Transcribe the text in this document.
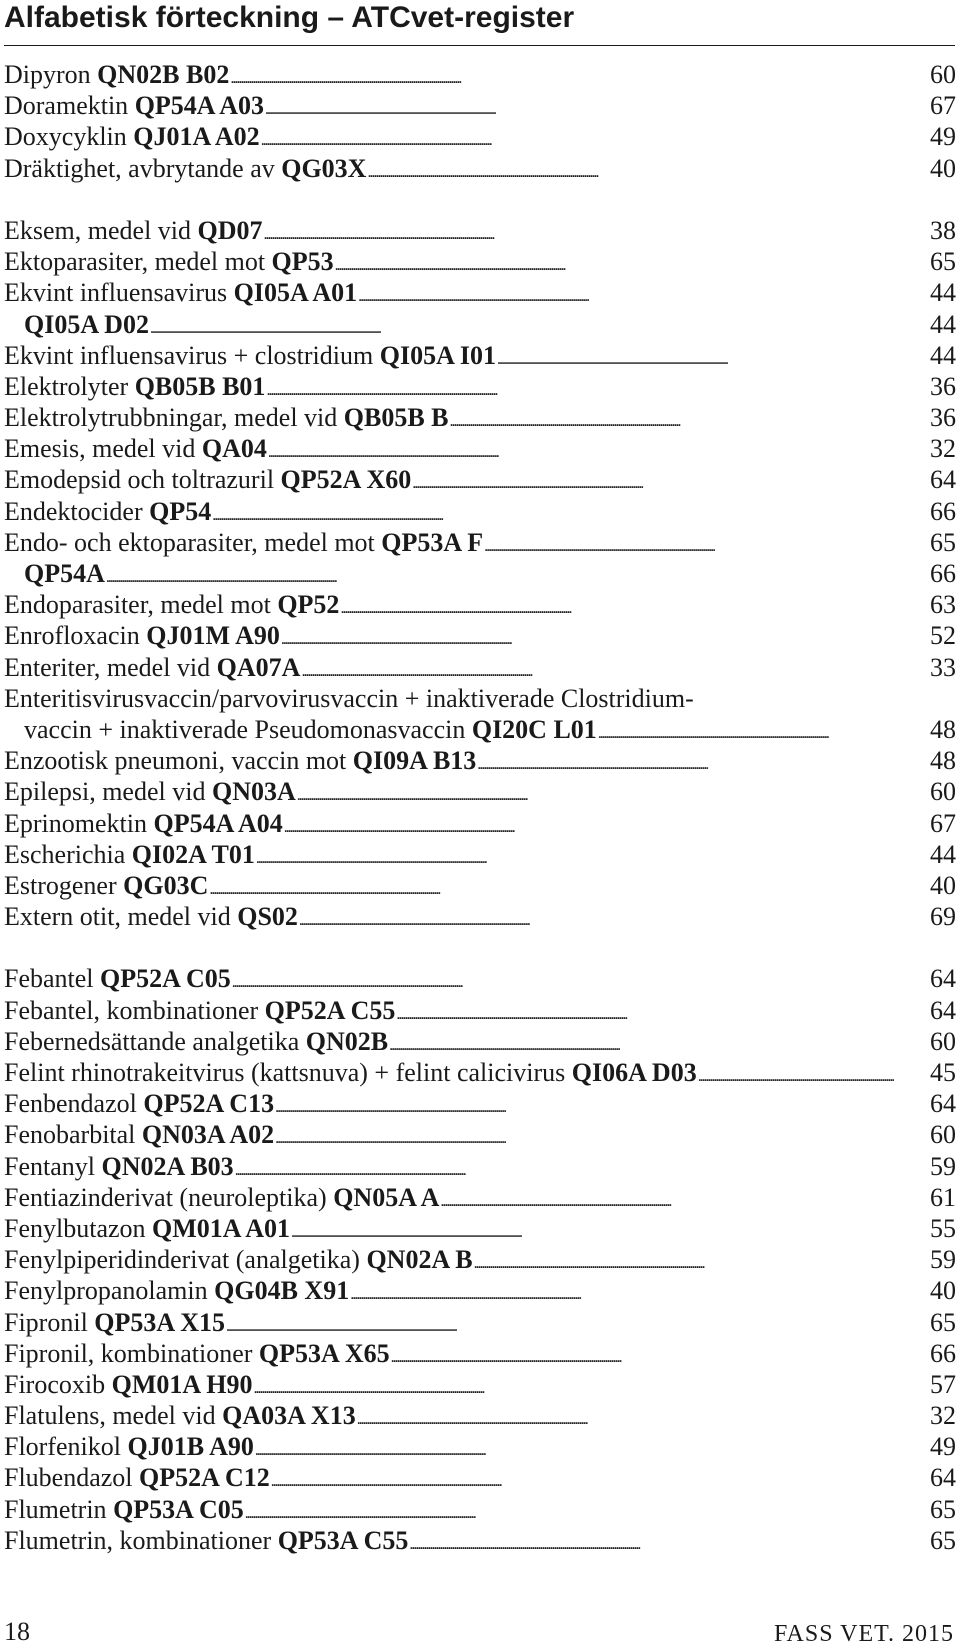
Alfabetisk förteckning – ATCvet-register
Dipyron QN02B B02 . . .	60
Doramektin QP54A A03 . . .	67
Doxycyklin QJ01A A02 . . .	49
Dräktighet, avbrytande av QG03X . . .	40
Eksem, medel vid QD07 . . .	38
Ektoparasiter, medel mot QP53 . . .	65
Ekvint influensavirus QI05A A01 . . .	44
QI05A D02 . . .	44
Ekvint influensavirus + clostridium QI05A I01 . . .	44
Elektrolyter QB05B B01 . . .	36
Elektrolytrubbningar, medel vid QB05B B . . .	36
Emesis, medel vid QA04 . . .	32
Emodepsid och toltrazuril QP52A X60 . . .	64
Endektocider QP54 . . .	66
Endo- och ektoparasiter, medel mot QP53A F . . .	65
QP54A . . .	66
Endoparasiter, medel mot QP52 . . .	63
Enrofloxacin QJ01M A90 . . .	52
Enteriter, medel vid QA07A . . .	33
Enteritisvirusvaccin/parvovirusvaccin + inaktiverade Clostridium-
vaccin + inaktiverade Pseudomonasvaccin QI20C L01 . . .	48
Enzootisk pneumoni, vaccin mot QI09A B13 . . .	48
Epilepsi, medel vid QN03A . . .	60
Eprinomektin QP54A A04 . . .	67
Escherichia QI02A T01 . . .	44
Estrogener QG03C . . .	40
Extern otit, medel vid QS02 . . .	69
Febantel QP52A C05 . . .	64
Febantel, kombinationer QP52A C55 . . .	64
Febernedsättande analgetika QN02B . . .	60
Felint rhinotrakeitvirus (kattsnuva) + felint calicivirus QI06A D03 . . .	45
Fenbendazol QP52A C13 . . .	64
Fenobarbital QN03A A02 . . .	60
Fentanyl QN02A B03 . . .	59
Fentiazinderivat (neuroleptika) QN05A A . . .	61
Fenylbutazon QM01A A01 . . .	55
Fenylpiperidinderivat (analgetika) QN02A B . . .	59
Fenylpropanolamin QG04B X91 . . .	40
Fipronil QP53A X15 . . .	65
Fipronil, kombinationer QP53A X65 . . .	66
Firocoxib QM01A H90 . . .	57
Flatulens, medel vid QA03A X13 . . .	32
Florfenikol QJ01B A90 . . .	49
Flubendazol QP52A C12 . . .	64
Flumetrin QP53A C05 . . .	65
Flumetrin, kombinationer QP53A C55 . . .	65
18	FASS VET. 2015
